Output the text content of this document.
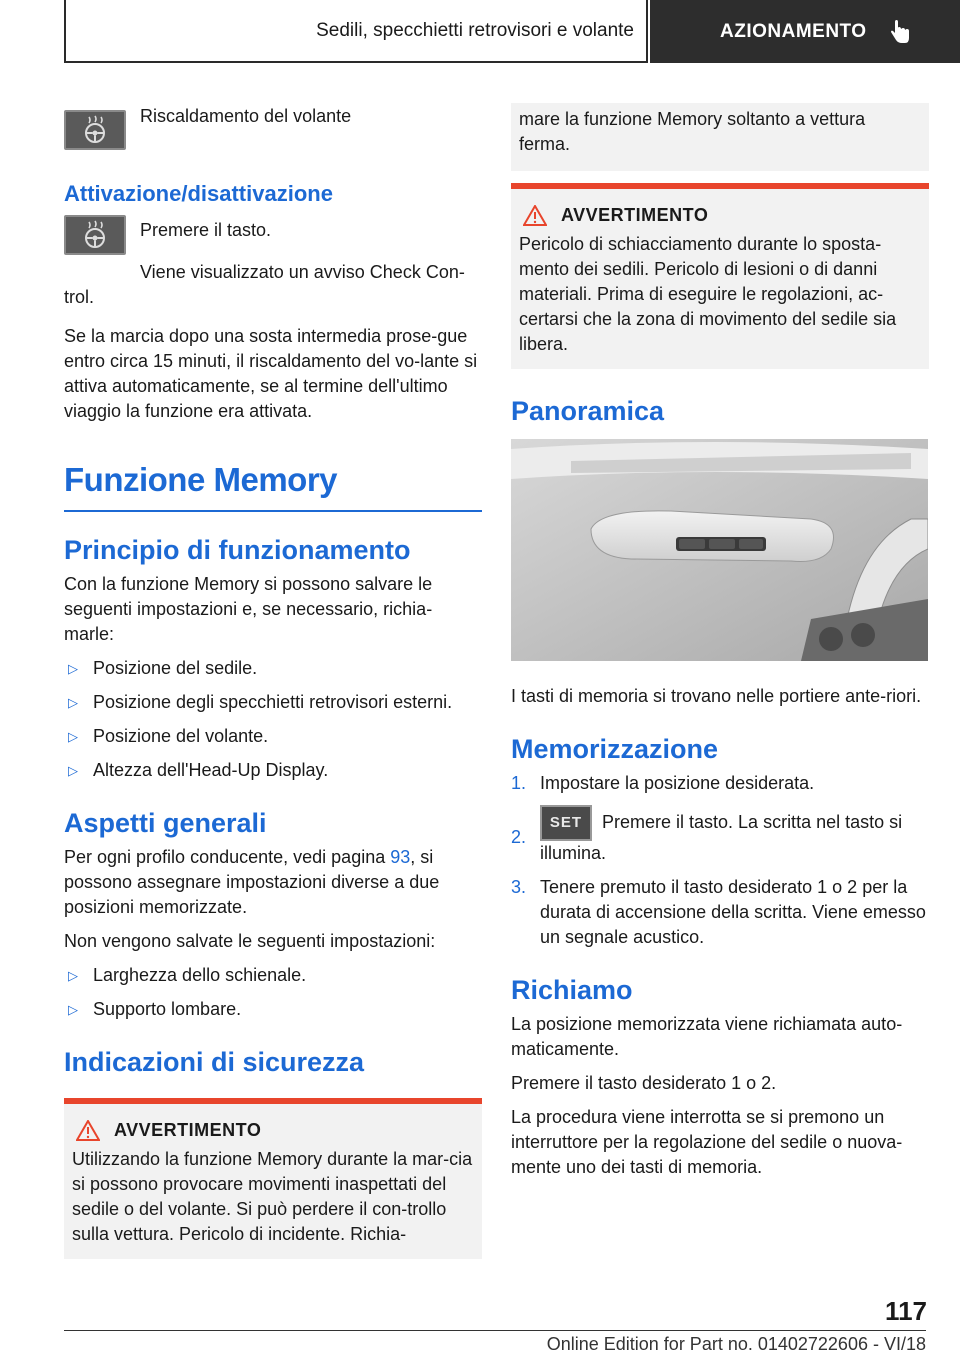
Sedili, specchietti retrovisori e volante	AZIONAMENTO

Riscaldamento del volante

Attivazione/disattivazione

Premere il tasto.

Viene visualizzato un avviso Check Con-trol.

Se la marcia dopo una sosta intermedia prose-gue entro circa 15 minuti, il riscaldamento del vo-lante si attiva automaticamente, se al termine dell'ultimo viaggio la funzione era attivata.

Funzione Memory
Principio di funzionamento

Con la funzione Memory si possono salvare le seguenti impostazioni e, se necessario, richia-marle:

▷ Posizione del sedile.
▷ Posizione degli specchietti retrovisori esterni.
▷ Posizione del volante.
▷ Altezza dell'Head-Up Display.
Aspetti generali

Per ogni profilo conducente, vedi pagina 93, si possono assegnare impostazioni diverse a due posizioni memorizzate.

Non vengono salvate le seguenti impostazioni:

▷ Larghezza dello schienale.
▷ Supporto lombare.
Indicazioni di sicurezza
AVVERTIMENTO

Utilizzando la funzione Memory durante la mar-cia si possono provocare movimenti inaspettati del sedile o del volante. Si può perdere il con-trollo sulla vettura. Pericolo di incidente. Richia-

mare la funzione Memory soltanto a vettura ferma.

AVVERTIMENTO

Pericolo di schiacciamento durante lo sposta-mento dei sedili. Pericolo di lesioni o di danni materiali. Prima di eseguire le regolazioni, ac-certarsi che la zona di movimento del sedile sia libera.

Panoramica

I tasti di memoria si trovano nelle portiere ante-riori.

Memorizzazione
1. Impostare la posizione desiderata.
2.
SET Premere il tasto. La scritta nel tasto si illumina.
3. Tenere premuto il tasto desiderato 1 o 2 per la durata di accensione della scritta. Viene emesso un segnale acustico.
Richiamo

La posizione memorizzata viene richiamata auto-maticamente.

Premere il tasto desiderato 1 o 2.

La procedura viene interrotta se si premono un interruttore per la regolazione del sedile o nuova-mente uno dei tasti di memoria.

117
Online Edition for Part no. 01402722606 - VI/18
